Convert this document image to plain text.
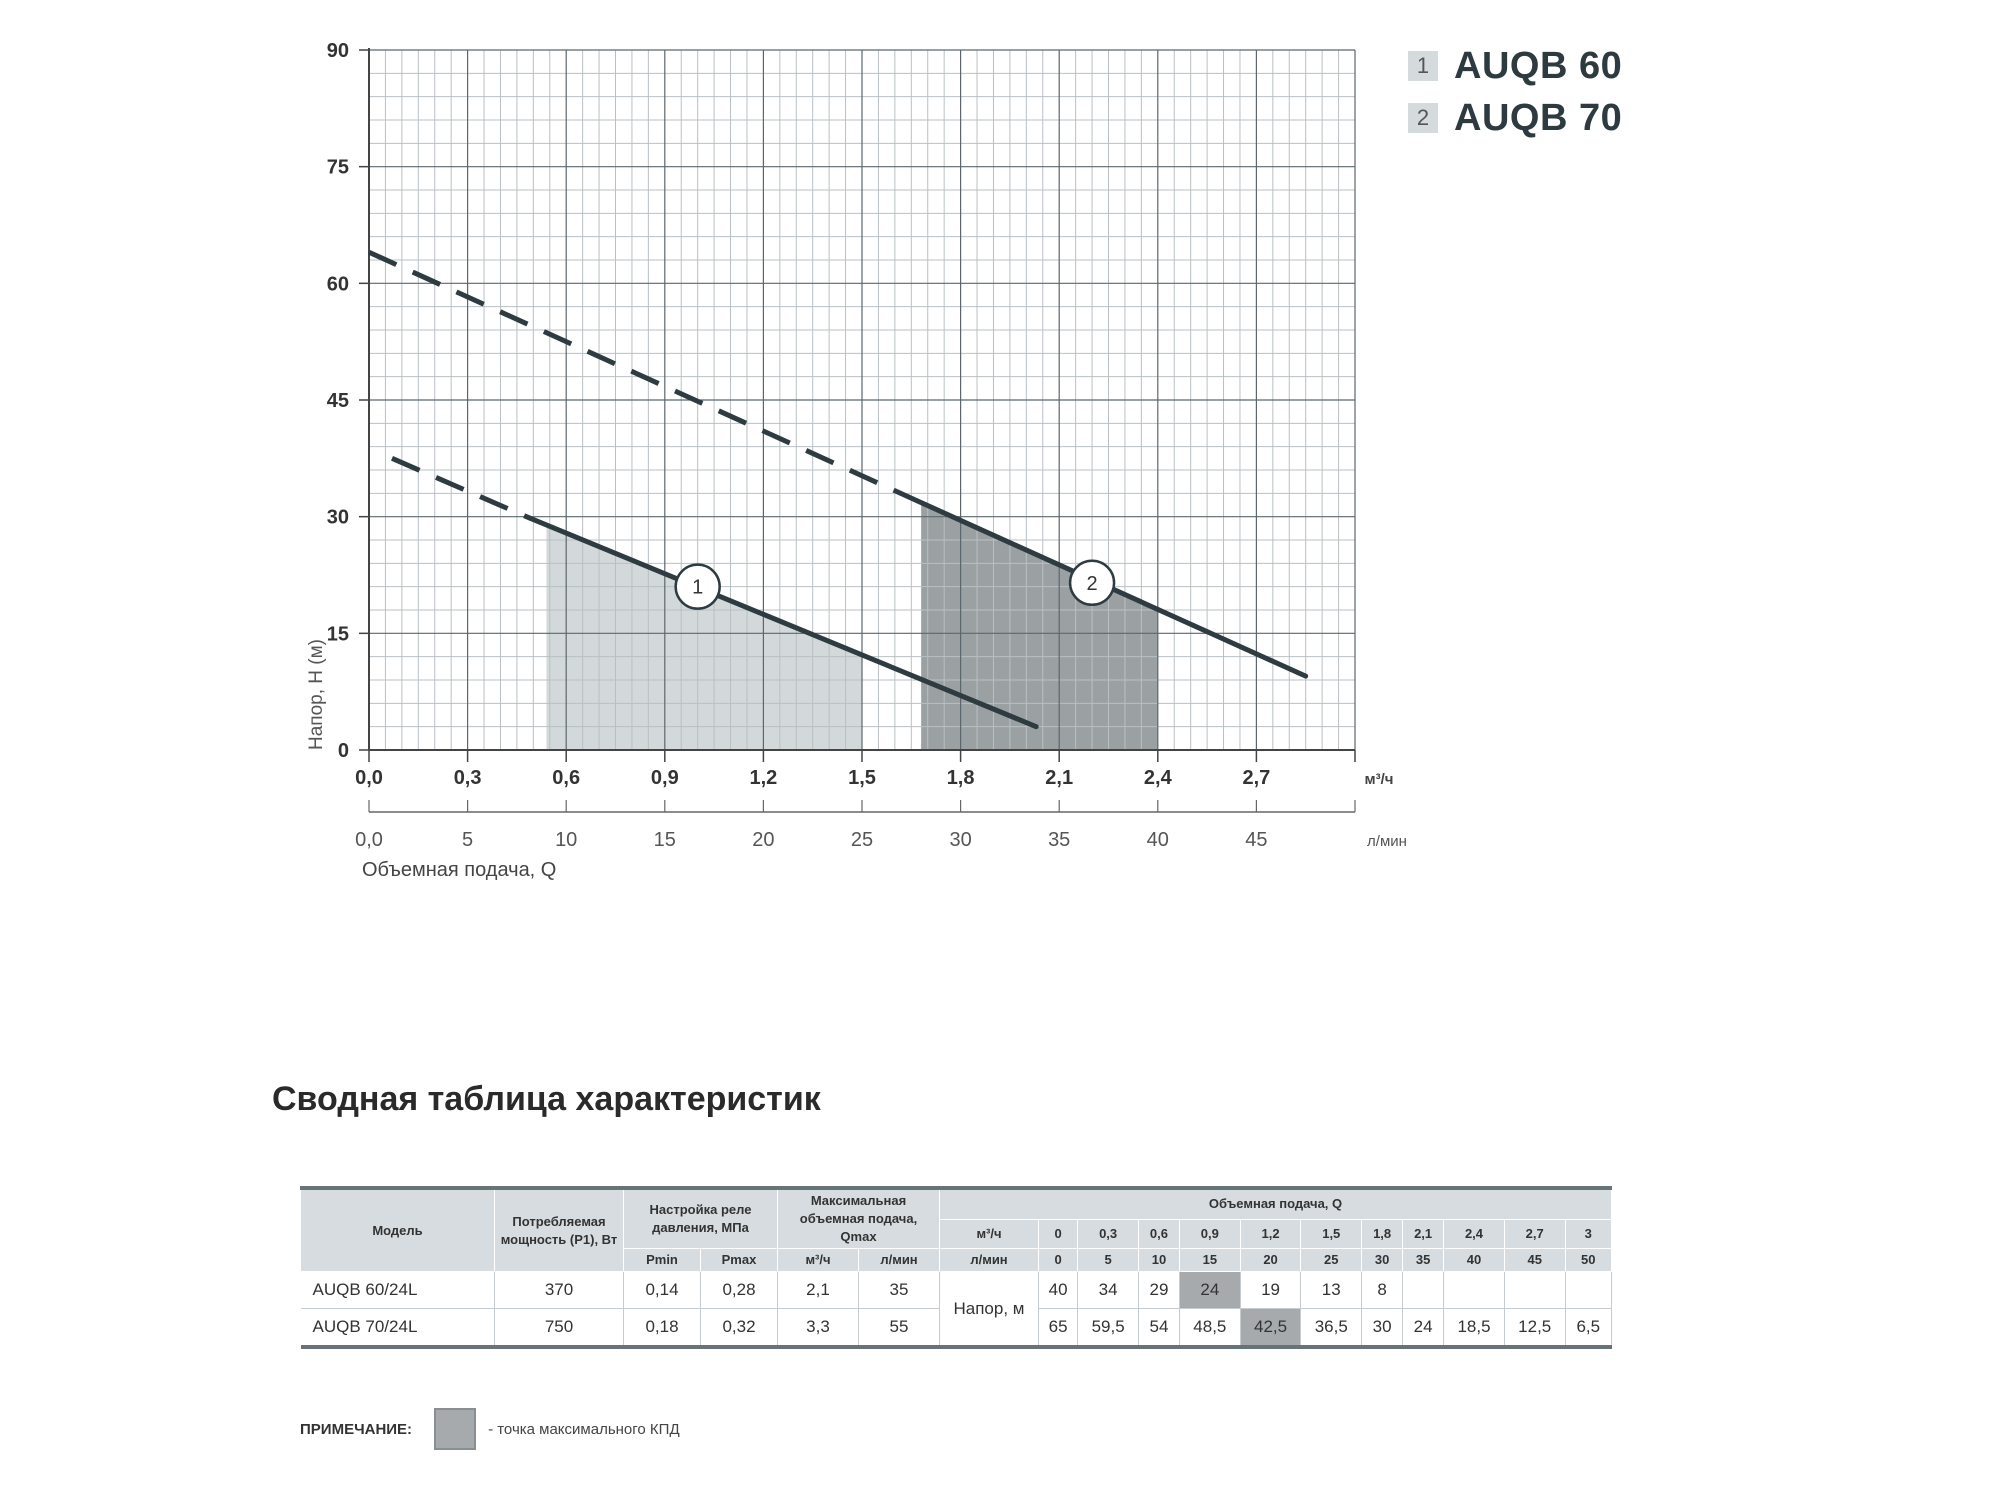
1	2
0
15
30
45
60
75
90
0,0	0,3	0,6	0,9	1,2	1,5	1,8	2,1	2,4	2,7	м³/ч
0,0	5	10	15	20	25	30	35	40	45	л/мин
Объемная подача, Q
Напор, Н (м)
1 AUQB 60
2 AUQB 70
Сводная таблица характеристик
Модель	Потребляемая мощность (P1), Вт	Настройка реле давления, МПа		Максимальная объемная подача, Qmax		Объемная подача, Q											
						м³/ч	0	0,3	0,6	0,9	1,2	1,5	1,8	2,1	2,4	2,7	3
		Pmin	Pmax	м³/ч	л/мин	л/мин	0	5	10	15	20	25	30	35	40	45	50
AUQB 60/24L	370	0,14	0,28	2,1	35	Напор, м	40	34	29	24	19	13	8				
AUQB 70/24L	750	0,18	0,32	3,3	55		65	59,5	54	48,5	42,5	36,5	30	24	18,5	12,5	6,5
ПРИМЕЧАНИЕ:	- точка максимального КПД
